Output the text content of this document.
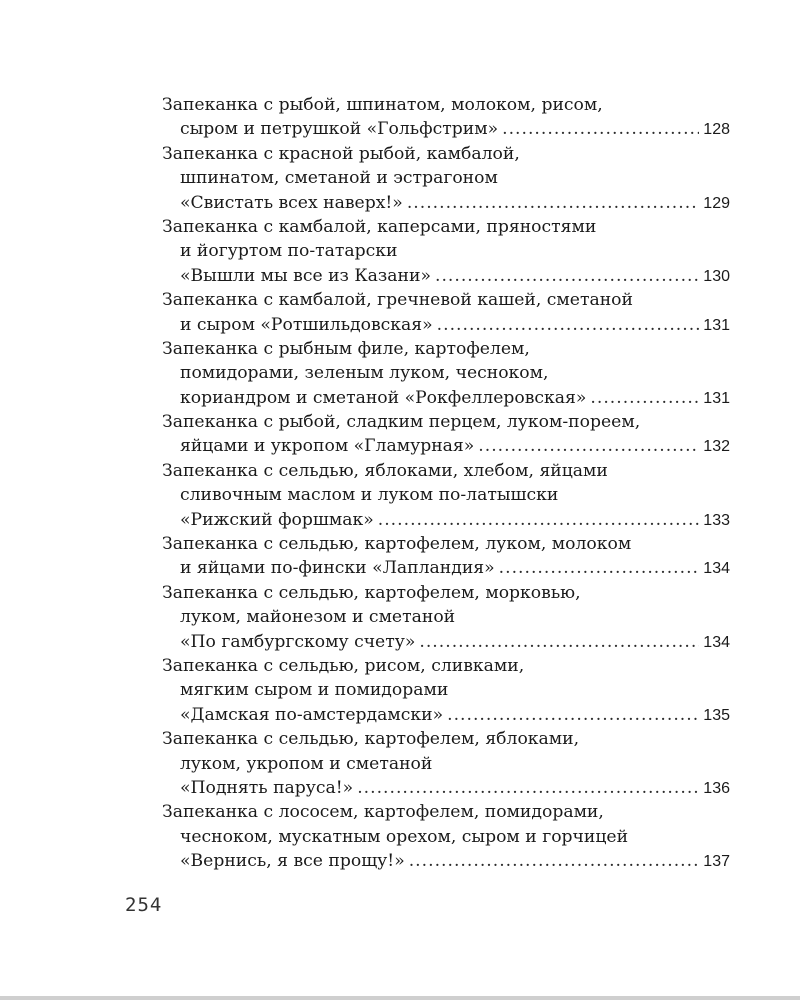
Запеканка с рыбой, шпинатом, молоком, рисом,
сыром и петрушкой «Гольфстрим» .....	128
Запеканка с красной рыбой, камбалой,
шпинатом, сметаной и эстрагоном
«Свистать всех наверх!» .....	129
Запеканка с камбалой, каперсами, пряностями
и йогуртом по-татарски
«Вышли мы все из Казани» .....	130
Запеканка с камбалой, гречневой кашей, сметаной
и сыром «Ротшильдовская» .....	131
Запеканка с рыбным филе, картофелем,
помидорами, зеленым луком, чесноком,
кориандром и сметаной «Рокфеллеровская» .....	131
Запеканка с рыбой, сладким перцем, луком-пореем,
яйцами и укропом «Гламурная» .....	132
Запеканка с сельдью, яблоками, хлебом, яйцами
сливочным маслом и луком по-латышски
«Рижский форшмак» .....	133
Запеканка с сельдью, картофелем, луком, молоком
и яйцами по-фински «Лапландия» .....	134
Запеканка с сельдью, картофелем, морковью,
луком, майонезом и сметаной
«По гамбургскому счету» .....	134
Запеканка с сельдью, рисом, сливками,
мягким сыром и помидорами
«Дамская по-амстердамски» .....	135
Запеканка с сельдью, картофелем, яблоками,
луком, укропом и сметаной
«Поднять паруса!» .....	136
Запеканка с лососем, картофелем, помидорами,
чесноком, мускатным орехом, сыром и горчицей
«Вернись, я все прощу!» .....	137
254
